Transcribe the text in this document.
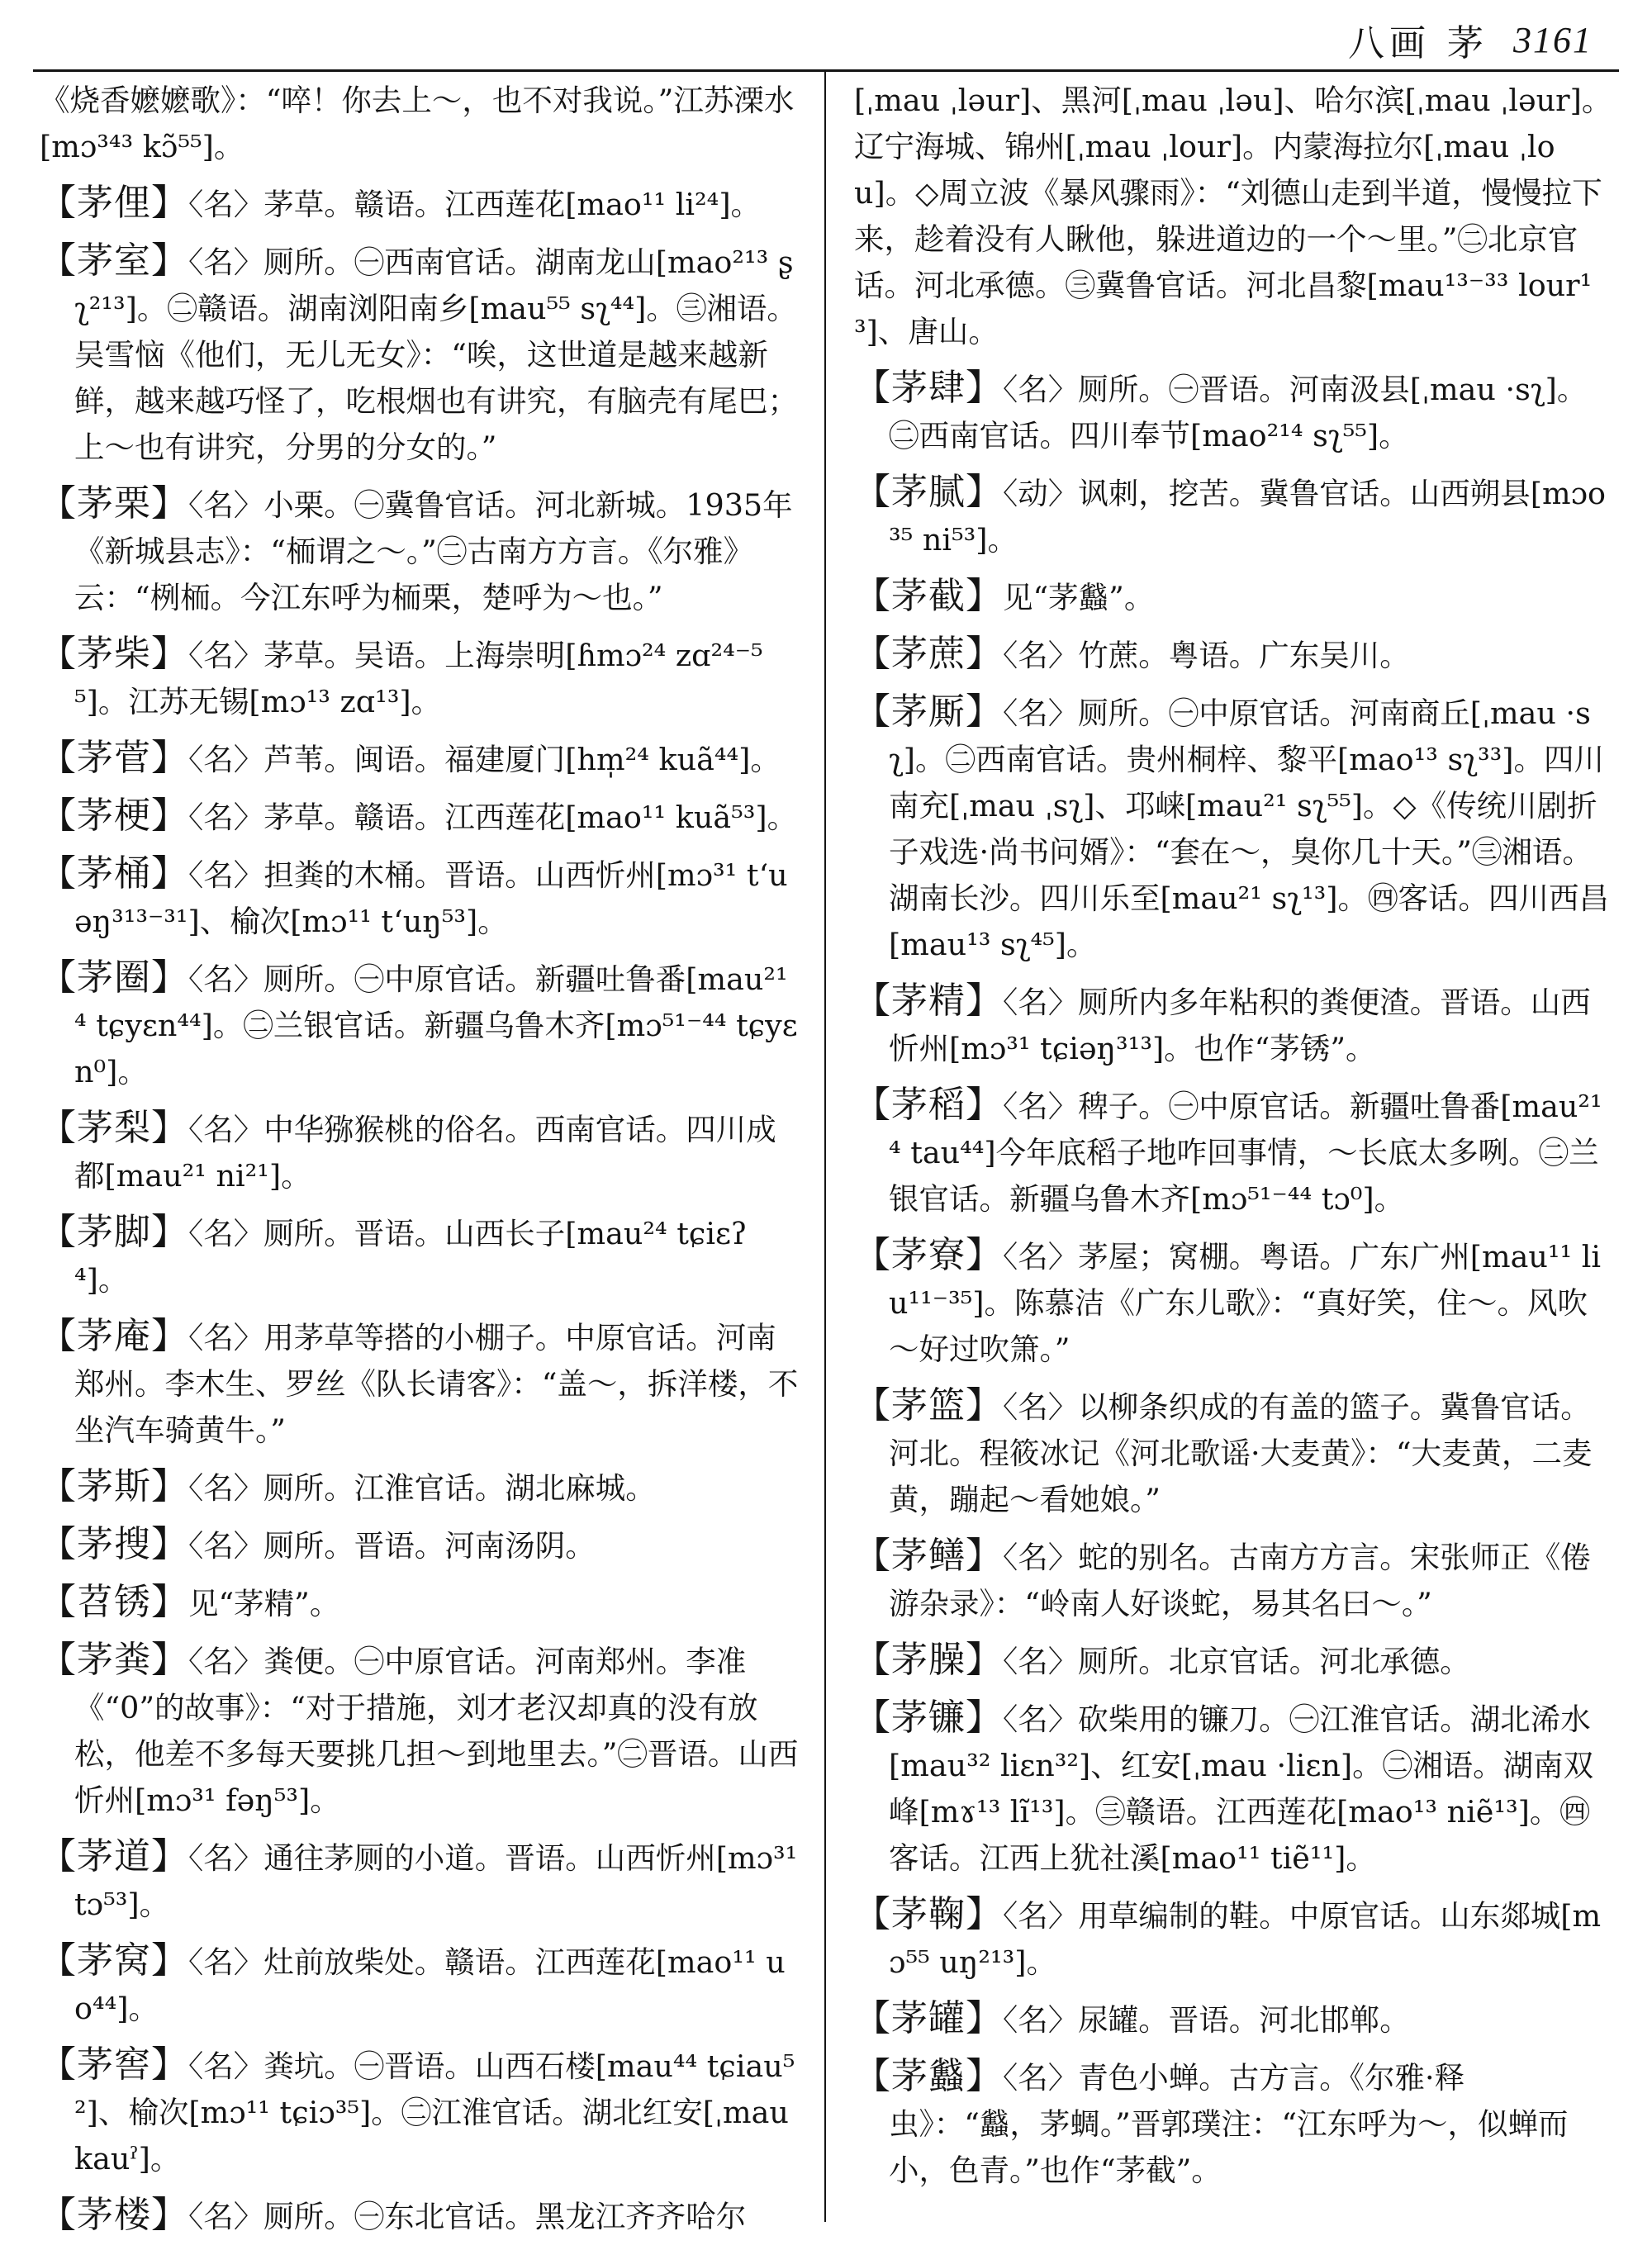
八画 茅 3161

《烧香嬷嬷歌》：“啐！你去上～，也不对我说。”江苏溧水[mɔ³⁴³ kɔ̃⁵⁵]。

【茅俚】〈名〉茅草。赣语。江西莲花[mao¹¹ li²⁴]。

【茅室】〈名〉厕所。㊀西南官话。湖南龙山[mao²¹³ ʂʅ²¹³]。㊁赣语。湖南浏阳南乡[mau⁵⁵ sʅ⁴⁴]。㊂湘语。吴雪恼《他们，无儿无女》：“唉，这世道是越来越新鲜，越来越巧怪了，吃根烟也有讲究，有脑壳有尾巴；上～也有讲究，分男的分女的。”

【茅栗】〈名〉小栗。㊀冀鲁官话。河北新城。1935年《新城县志》：“栭谓之～。”㊁古南方方言。《尔雅》云：“栵栭。今江东呼为栭栗，楚呼为～也。”

【茅柴】〈名〉茅草。吴语。上海崇明[ɦmɔ²⁴ zɑ²⁴⁻⁵⁵]。江苏无锡[mɔ¹³ zɑ¹³]。

【茅菅】〈名〉芦苇。闽语。福建厦门[hm̩²⁴ kuã⁴⁴]。

【茅梗】〈名〉茅草。赣语。江西莲花[mao¹¹ kuã⁵³]。

【茅桶】〈名〉担粪的木桶。晋语。山西忻州[mɔ³¹ tʻuəŋ³¹³⁻³¹]、榆次[mɔ¹¹ tʻuŋ⁵³]。

【茅圈】〈名〉厕所。㊀中原官话。新疆吐鲁番[mau²¹⁴ tɕyɛn⁴⁴]。㊁兰银官话。新疆乌鲁木齐[mɔ⁵¹⁻⁴⁴ tɕyɛn⁰]。

【茅梨】〈名〉中华猕猴桃的俗名。西南官话。四川成都[mau²¹ ni²¹]。

【茅脚】〈名〉厕所。晋语。山西长子[mau²⁴ tɕiɛʔ⁴]。

【茅庵】〈名〉用茅草等搭的小棚子。中原官话。河南郑州。李木生、罗丝《队长请客》：“盖～，拆洋楼，不坐汽车骑黄牛。”

【茅斯】〈名〉厕所。江淮官话。湖北麻城。

【茅搜】〈名〉厕所。晋语。河南汤阴。

【苕锈】见“茅精”。

【茅粪】〈名〉粪便。㊀中原官话。河南郑州。李准《“0”的故事》：“对于措施，刘才老汉却真的没有放松，他差不多每天要挑几担～到地里去。”㊁晋语。山西忻州[mɔ³¹ fəŋ⁵³]。

【茅道】〈名〉通往茅厕的小道。晋语。山西忻州[mɔ³¹ tɔ⁵³]。

【茅窝】〈名〉灶前放柴处。赣语。江西莲花[mao¹¹ uo⁴⁴]。

【茅窖】〈名〉粪坑。㊀晋语。山西石楼[mau⁴⁴ tɕiau⁵²]、榆次[mɔ¹¹ tɕiɔ³⁵]。㊁江淮官话。湖北红安[ˌmau kauˀ]。

【茅楼】〈名〉厕所。㊀东北官话。黑龙江齐齐哈尔

[ˌmau ˌləur]、黑河[ˌmau ˌləu]、哈尔滨[ˌmau ˌləur]。辽宁海城、锦州[ˌmau ˌlour]。内蒙海拉尔[ˌmau ˌlou]。◇周立波《暴风骤雨》：“刘德山走到半道，慢慢拉下来，趁着没有人瞅他，躲进道边的一个～里。”㊁北京官话。河北承德。㊂冀鲁官话。河北昌黎[mau¹³⁻³³ lour¹³]、唐山。

【茅肆】〈名〉厕所。㊀晋语。河南汲县[ˌmau ·sʅ]。㊁西南官话。四川奉节[mao²¹⁴ sʅ⁵⁵]。

【茅腻】〈动〉讽刺，挖苦。冀鲁官话。山西朔县[mɔo³⁵ ni⁵³]。

【茅截】见“茅蠽”。

【茅蔗】〈名〉竹蔗。粤语。广东吴川。

【茅厮】〈名〉厕所。㊀中原官话。河南商丘[ˌmau ·sʅ]。㊁西南官话。贵州桐梓、黎平[mao¹³ sʅ³³]。四川南充[ˌmau ˌsʅ]、邛崃[mau²¹ sʅ⁵⁵]。◇《传统川剧折子戏选·尚书问婿》：“套在～，臭你几十天。”㊂湘语。湖南长沙。四川乐至[mau²¹ sʅ¹³]。㊃客话。四川西昌[mau¹³ sʅ⁴⁵]。

【茅精】〈名〉厕所内多年粘积的粪便渣。晋语。山西忻州[mɔ³¹ tɕiəŋ³¹³]。也作“茅锈”。

【茅稻】〈名〉稗子。㊀中原官话。新疆吐鲁番[mau²¹⁴ tau⁴⁴]今年底稻子地咋回事情，～长底太多咧。㊁兰银官话。新疆乌鲁木齐[mɔ⁵¹⁻⁴⁴ tɔ⁰]。

【茅寮】〈名〉茅屋；窝棚。粤语。广东广州[mau¹¹ liu¹¹⁻³⁵]。陈慕洁《广东儿歌》：“真好笑，住～。风吹～好过吹箫。”

【茅篮】〈名〉以柳条织成的有盖的篮子。冀鲁官话。河北。程筱冰记《河北歌谣·大麦黄》：“大麦黄，二麦黄，蹦起～看她娘。”

【茅鳝】〈名〉蛇的别名。古南方方言。宋张师正《倦游杂录》：“岭南人好谈蛇，易其名曰～。”

【茅臊】〈名〉厕所。北京官话。河北承德。

【茅镰】〈名〉砍柴用的镰刀。㊀江淮官话。湖北浠水[mau³² liɛn³²]、红安[ˌmau ·liɛn]。㊁湘语。湖南双峰[mɤ¹³ lĩ¹³]。㊂赣语。江西莲花[mao¹³ niẽ¹³]。㊃客话。江西上犹社溪[mao¹¹ tiẽ¹¹]。

【茅鞠】〈名〉用草编制的鞋。中原官话。山东郯城[mɔ⁵⁵ uŋ²¹³]。

【茅罐】〈名〉尿罐。晋语。河北邯郸。

【茅蠽】〈名〉青色小蝉。古方言。《尔雅·释虫》：“蠽，茅蜩。”晋郭璞注：“江东呼为～，似蝉而小，色青。”也作“茅截”。
